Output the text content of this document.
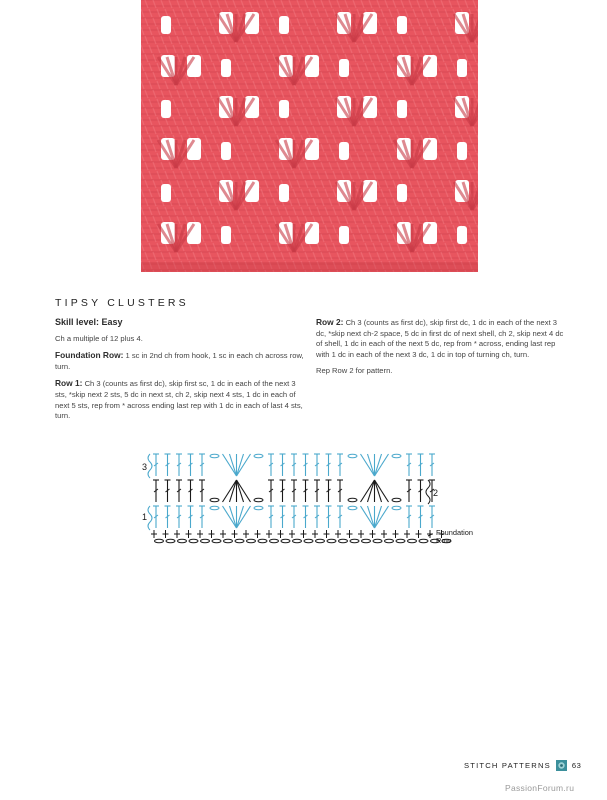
TIPSY CLUSTERS
Skill level: Easy

Ch a multiple of 12 plus 4.

Foundation Row: 1 sc in 2nd ch from hook, 1 sc in each ch across row, turn.

Row 1: Ch 3 (counts as first dc), skip first sc, 1 dc in each of the next 3 sts, *skip next 2 sts, 5 dc in next st, ch 2, skip next 4 sts, 1 dc in each of next 5 sts, rep from * across ending last rep with 1 dc in each of last 4 sts, turn.

Row 2: Ch 3 (counts as first dc), skip first dc, 1 dc in each of the next 3 dc, *skip next ch-2 space, 5 dc in first dc of next shell, ch 2, skip next 4 dc of shell, 1 dc in each of the next 5 dc, rep from * across, ending last rep with 1 dc in each of the next 3 dc, 1 dc in top of turning ch, turn.

Rep Row 2 for pattern.

3
2
1
Foundation
Row
STITCH PATTERNS	63
PassionForum.ru
